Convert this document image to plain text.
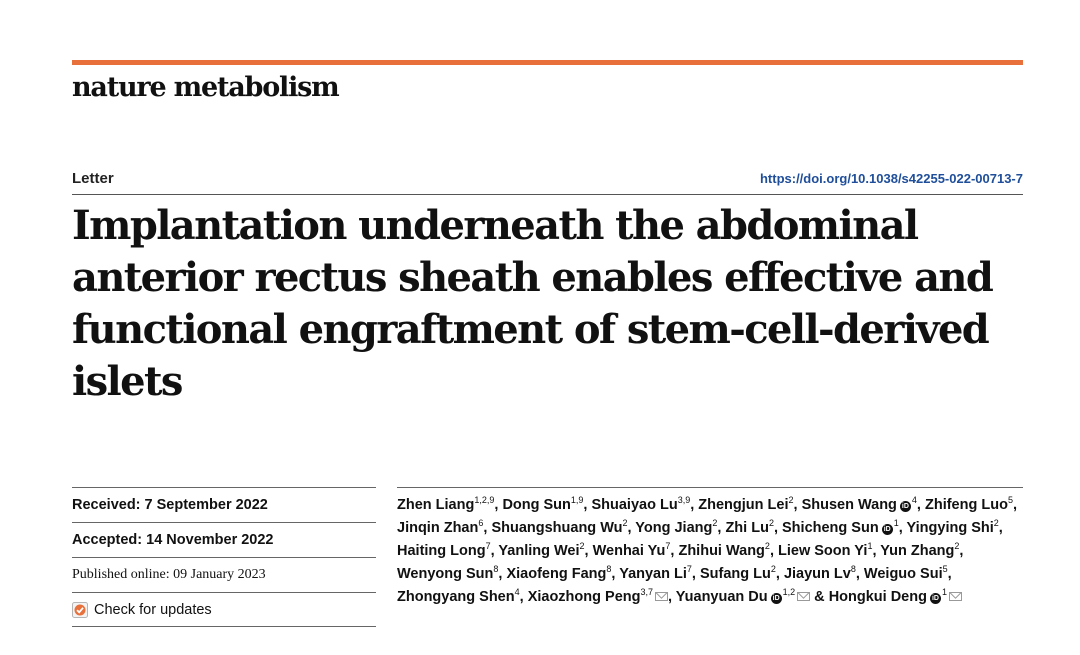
nature metabolism
Letter	https://doi.org/10.1038/s42255-022-00713-7
Implantation underneath the abdominal anterior rectus sheath enables effective and functional engraftment of stem-cell-derived islets
Received:
7 September 2022
Accepted:
14 November 2022
Published online:
09 January 2023
Check for updates

Zhen Liang$^{1,2,9}$, Dong Sun$^{1,9}$, Shuaiyao Lu$^{3,9}$, Zhengjun Lei$^2$, Shusen Wang $iD^4$, Zhifeng Luo$^5$, Jinqin Zhan$^6$, Shuangshuang Wu$^2$, Yong Jiang$^2$, Zhi Lu$^2$, Shicheng Sun $iD^1$, Yingying Shi$^2$, Haiting Long$^7$, Yanling Wei$^2$, Wenhai Yu$^7$, Zhihui Wang$^2$, Liew Soon Yi$^1$, Yun Zhang$^2$, Wenyong Sun$^8$, Xiaofeng Fang$^8$, Yanyan Li$^7$, Sufang Lu$^2$, Jiayun Lv$^8$, Weiguo Sui$^5$, Zhongyang Shen$^4$, Xiaozhong Peng$^{3,7}$ , Yuanyuan Du iD$^{1,2}$ & Hongkui Deng $iD^1$
